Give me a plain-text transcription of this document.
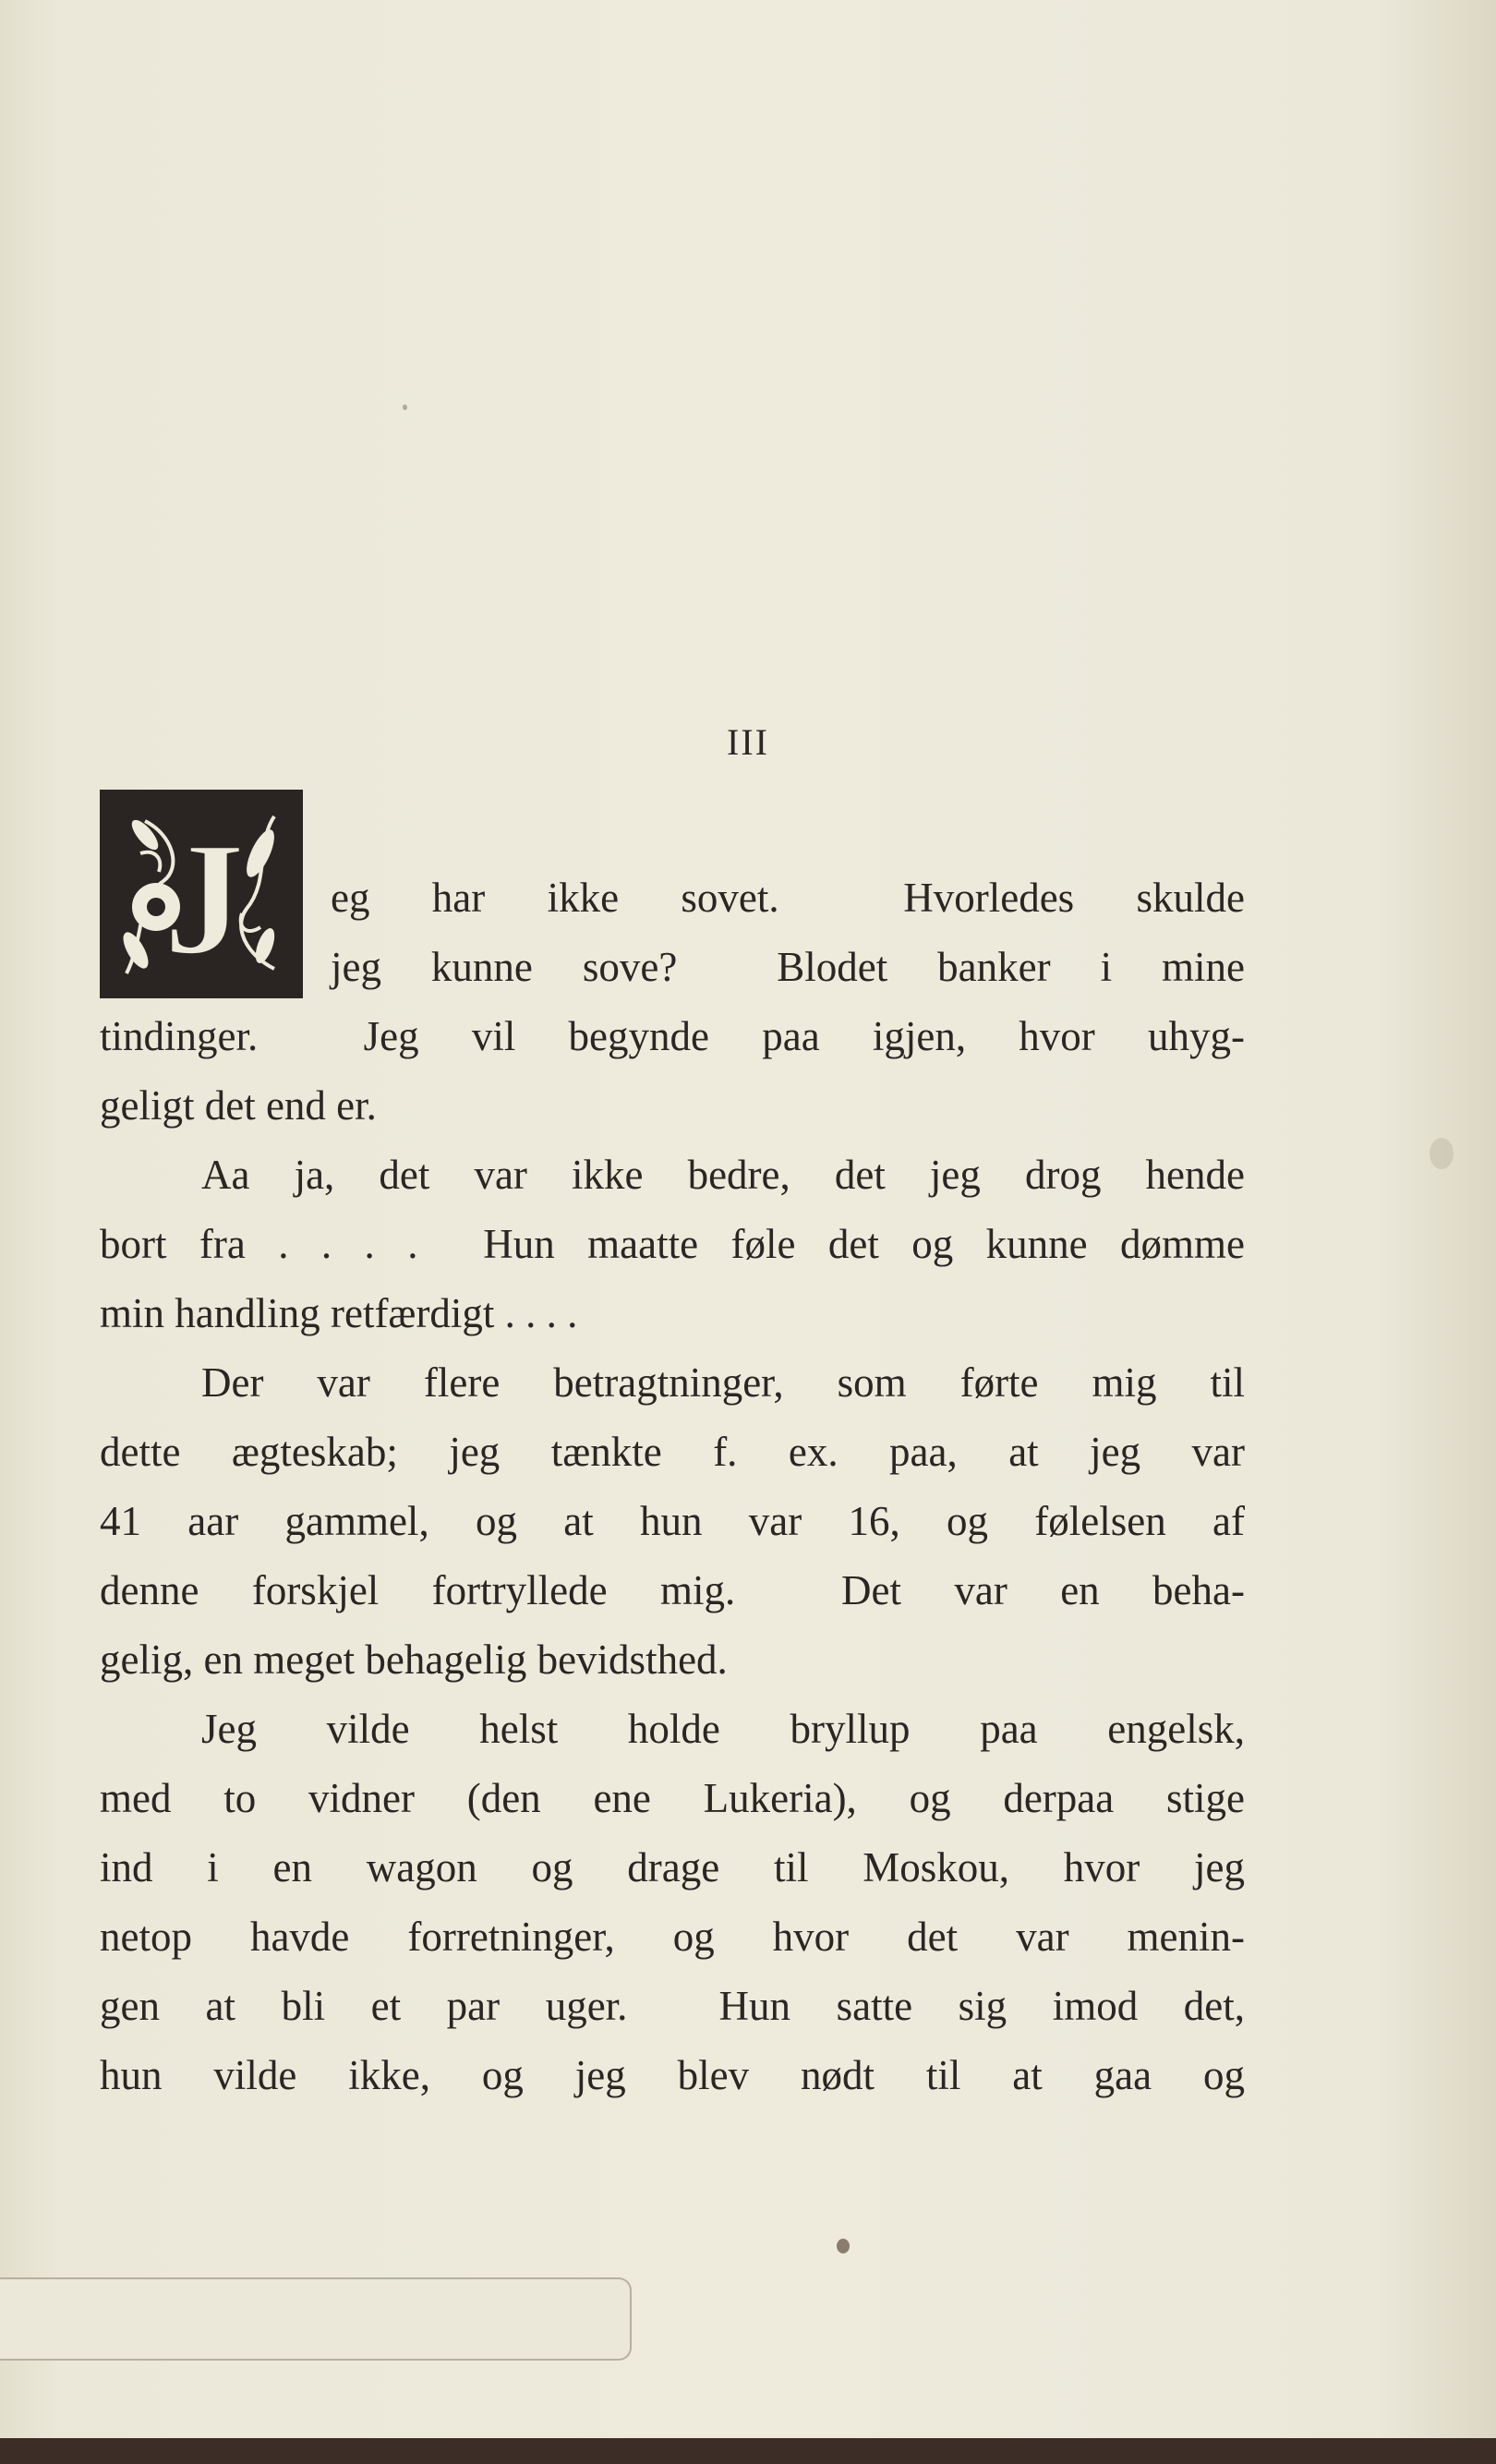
III
J eg har ikke sovet.  Hvorledes skulde
jeg kunne sove?  Blodet banker i mine
tindinger.  Jeg vil begynde paa igjen, hvor uhyg-
geligt det end er.
Aa ja, det var ikke bedre, det jeg drog hende
bort fra . . . .  Hun maatte føle det og kunne dømme
min handling retfærdigt . . . .
Der var flere betragtninger, som førte mig til
dette ægteskab; jeg tænkte f. ex. paa, at jeg var
41 aar gammel, og at hun var 16, og følelsen af
denne forskjel fortryllede mig.  Det var en beha-
gelig, en meget behagelig bevidsthed.
Jeg vilde helst holde bryllup paa engelsk,
med to vidner (den ene Lukeria), og derpaa stige
ind i en wagon og drage til Moskou, hvor jeg
netop havde forretninger, og hvor det var menin-
gen at bli et par uger.  Hun satte sig imod det,
hun vilde ikke, og jeg blev nødt til at gaa og
